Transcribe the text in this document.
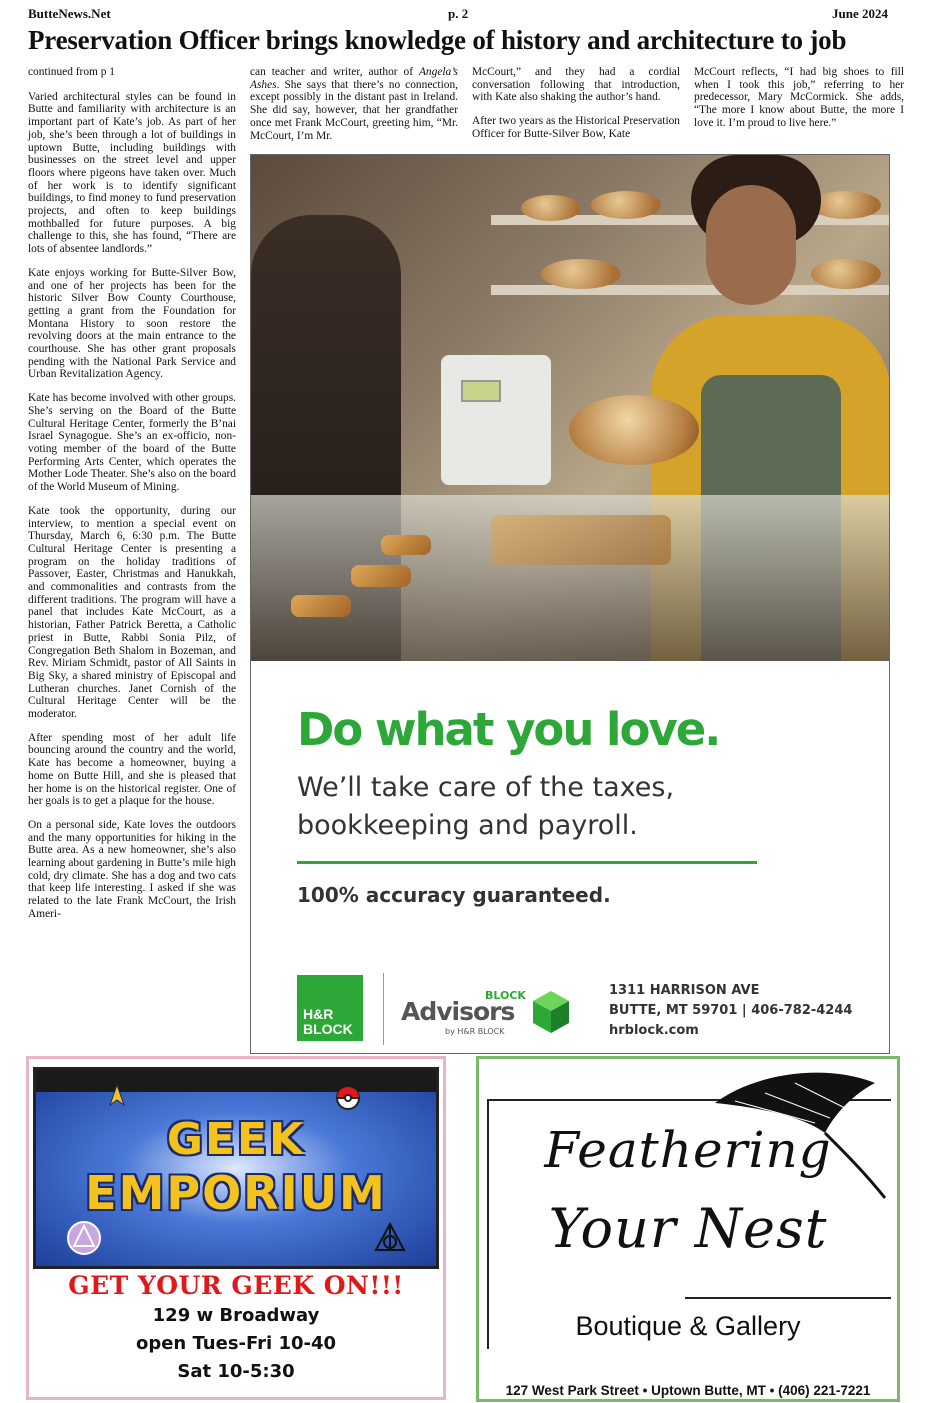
ButteNews.Net	p. 2	June 2024
Preservation Officer brings knowledge of history and architecture to job

continued from p 1

Varied architectural styles can be found in Butte and familiarity with architecture is an important part of Kate’s job. As part of her job, she’s been through a lot of buildings in uptown Butte, including buildings with businesses on the street level and upper floors where pigeons have taken over. Much of her work is to identify significant buildings, to find money to fund preservation projects, and often to keep buildings mothballed for future purposes. A big challenge to this, she has found, “There are lots of absentee landlords.”

Kate enjoys working for Butte-Silver Bow, and one of her projects has been for the historic Silver Bow County Courthouse, getting a grant from the Foundation for Montana History to soon restore the revolving doors at the main entrance to the courthouse. She has other grant proposals pending with the National Park Service and Urban Revitalization Agency.

Kate has become involved with other groups. She’s serving on the Board of the Butte Cultural Heritage Center, formerly the B’nai Israel Synagogue. She’s an ex-officio, non-voting member of the board of the Butte Performing Arts Center, which operates the Mother Lode Theater. She’s also on the board of the World Museum of Mining.

Kate took the opportunity, during our interview, to mention a special event on Thursday, March 6, 6:30 p.m. The Butte Cultural Heritage Center is presenting a program on the holiday traditions of Passover, Easter, Christmas and Hanukkah, and commonalities and contrasts from the different traditions. The program will have a panel that includes Kate McCourt, as a historian, Father Patrick Beretta, a Catholic priest in Butte, Rabbi Sonia Pilz, of Congregation Beth Shalom in Bozeman, and Rev. Miriam Schmidt, pastor of All Saints in Big Sky, a shared ministry of Episcopal and Lutheran churches. Janet Cornish of the Cultural Heritage Center will be the moderator.

After spending most of her adult life bouncing around the country and the world, Kate has become a homeowner, buying a home on Butte Hill, and she is pleased that her home is on the historical register. One of her goals is to get a plaque for the house.

On a personal side, Kate loves the outdoors and the many opportunities for hiking in the Butte area. As a new homeowner, she’s also learning about gardening in Butte’s mile high cold, dry climate. She has a dog and two cats that keep life interesting. I asked if she was related to the late Frank McCourt, the Irish Ameri-

can teacher and writer, author of Angela’s Ashes. She says that there’s no connection, except possibly in the distant past in Ireland. She did say, however, that her grandfather once met Frank McCourt, greeting him, “Mr. McCourt, I’m Mr.

McCourt,” and they had a cordial conversation following that introduction, with Kate also shaking the author’s hand.

After two years as the Historical Preservation Officer for Butte-Silver Bow, Kate

McCourt reflects, “I had big shoes to fill when I took this job,” referring to her predecessor, Mary McCormick. She adds, “The more I know about Butte, the more I love it. I’m proud to live here.”

Do what you love.
We’ll take care of the taxes, bookkeeping and payroll.
100% accuracy guaranteed.
H&R
BLOCK
BLOCK
Advisors
by H&R BLOCK
1311 HARRISON AVE
BUTTE, MT 59701 | 406-782-4244
hrblock.com
GEEK
EMPORIUM
GET YOUR GEEK ON!!!
129 w Broadway
open Tues-Fri 10-40
Sat 10-5:30
Feathering
Your Nest
Boutique & Gallery
127 West Park Street • Uptown Butte, MT • (406) 221-7221
